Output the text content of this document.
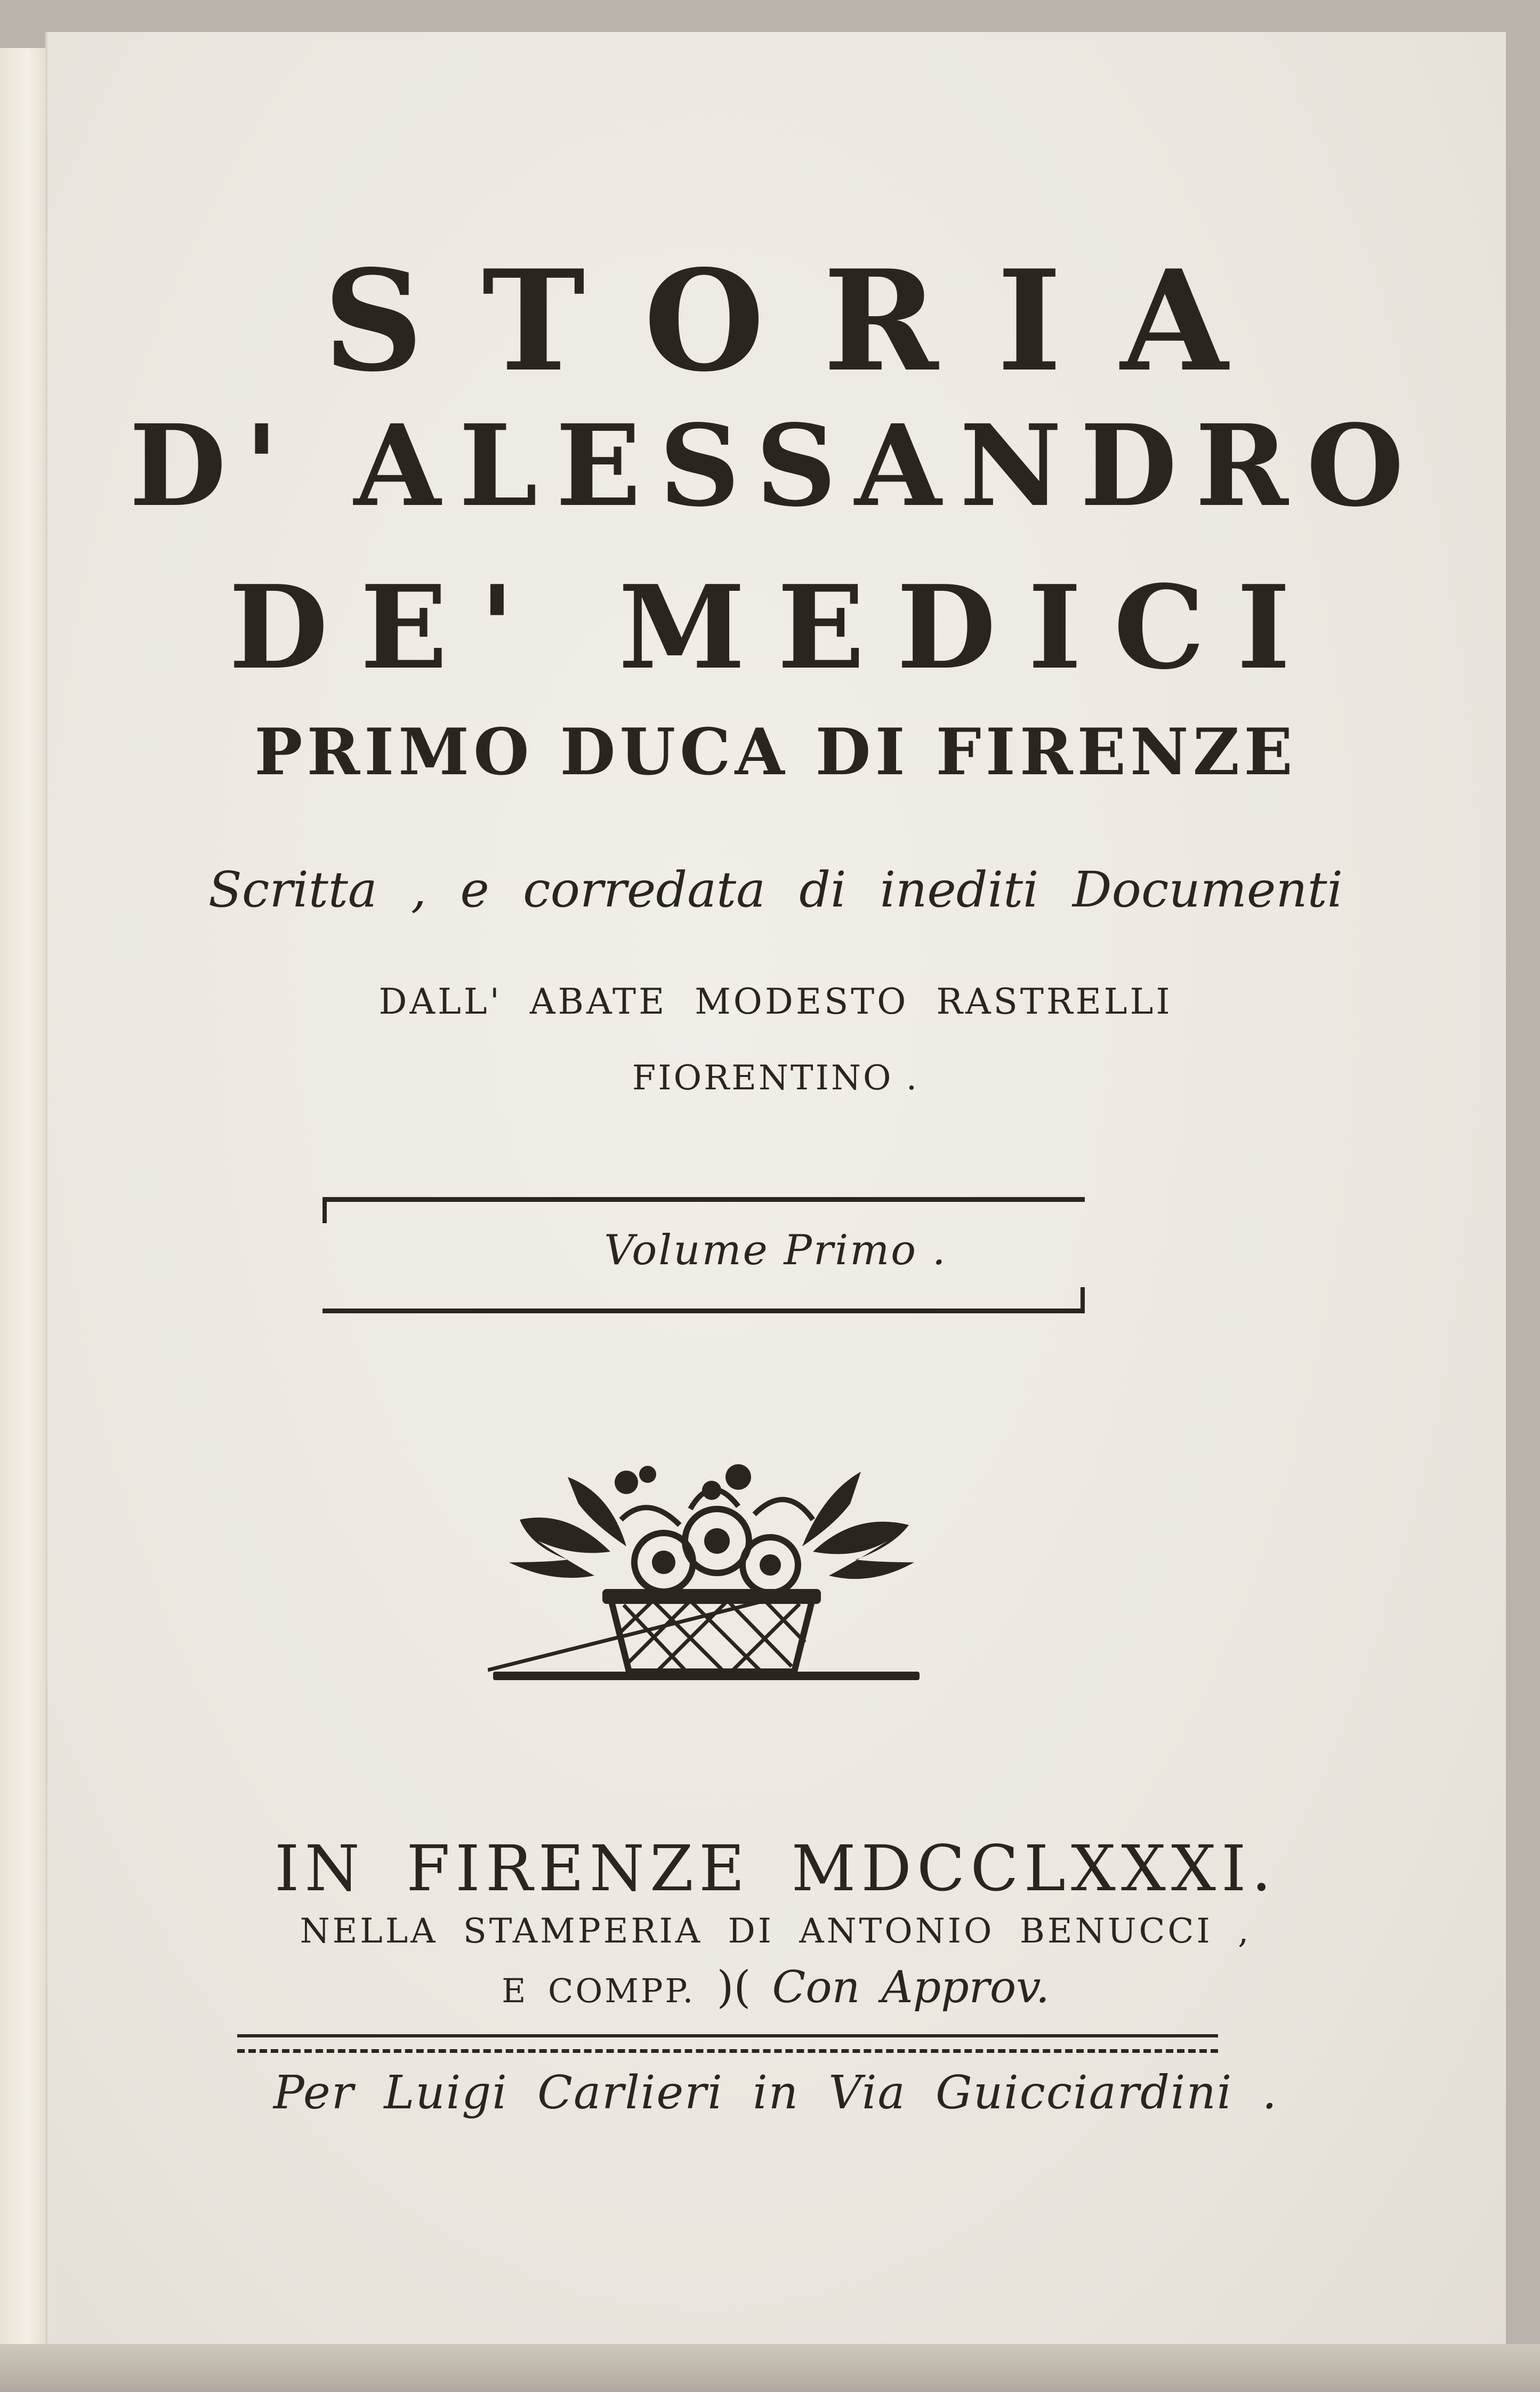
STORIA

D' ALESSANDRO

DE' MEDICI

PRIMO DUCA DI FIRENZE

Scritta , e corredata di inediti Documenti

DALL' ABATE MODESTO RASTRELLI

FIORENTINO .

Volume Primo .

IN FIRENZE MDCCLXXXI.

NELLA STAMPERIA DI ANTONIO BENUCCI ,

E COMPP. )( Con Approv.

Per Luigi Carlieri in Via Guicciardini .
